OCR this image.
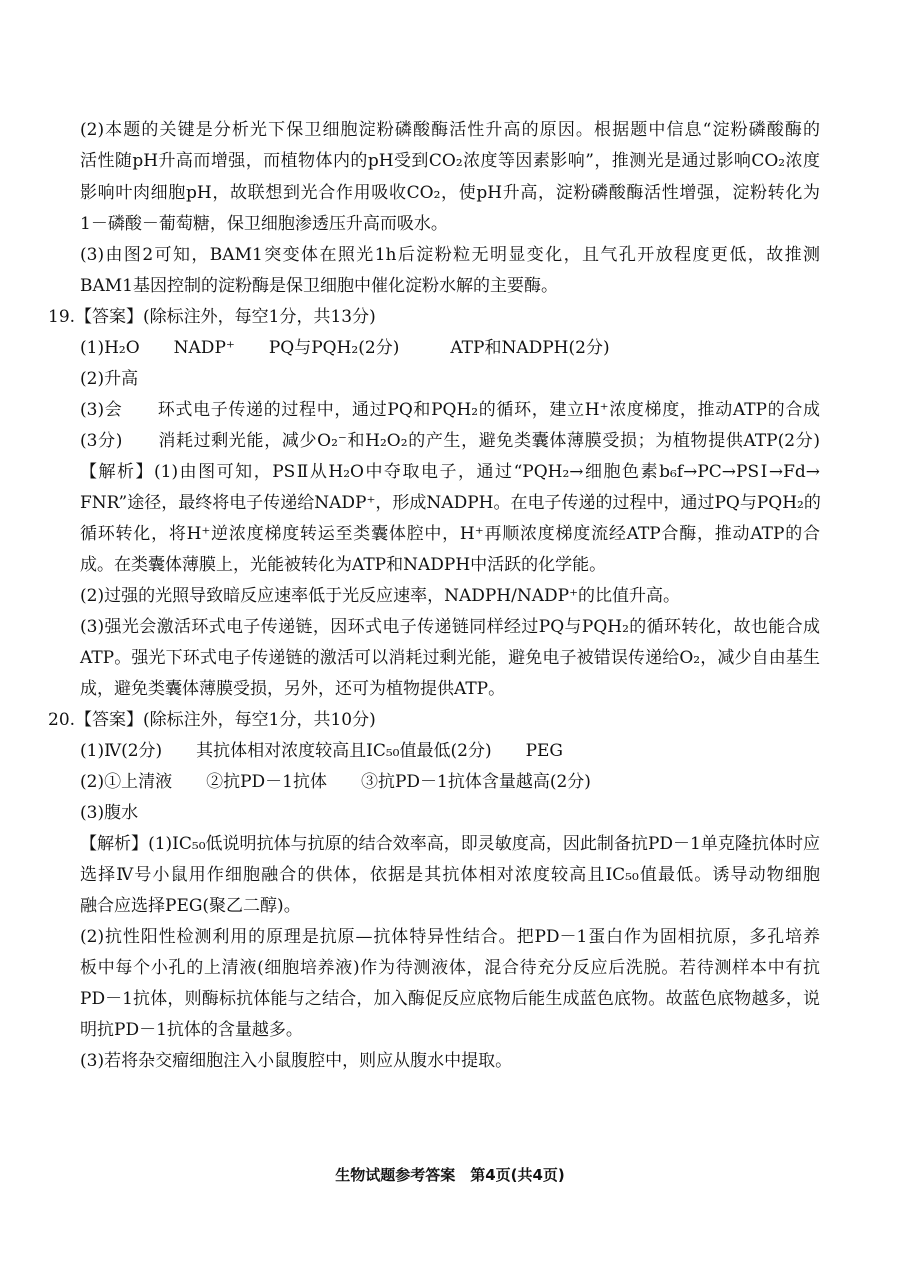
(2)本题的关键是分析光下保卫细胞淀粉磷酸酶活性升高的原因。根据题中信息“淀粉磷酸酶的
活性随pH升高而增强，而植物体内的pH受到CO₂浓度等因素影响”，推测光是通过影响CO₂浓度
影响叶肉细胞pH，故联想到光合作用吸收CO₂，使pH升高，淀粉磷酸酶活性增强，淀粉转化为
1－磷酸－葡萄糖，保卫细胞渗透压升高而吸水。
(3)由图2可知，BAM1突变体在照光1h后淀粉粒无明显变化，且气孔开放程度更低，故推测
BAM1基因控制的淀粉酶是保卫细胞中催化淀粉水解的主要酶。
19.【答案】(除标注外，每空1分，共13分)
(1)H₂O　　NADP⁺　　PQ与PQH₂(2分)　　　ATP和NADPH(2分)
(2)升高
(3)会　　环式电子传递的过程中，通过PQ和PQH₂的循环，建立H⁺浓度梯度，推动ATP的合成
(3分)　　消耗过剩光能，减少O₂⁻和H₂O₂的产生，避免类囊体薄膜受损；为植物提供ATP(2分)
【解析】(1)由图可知，PSⅡ从H₂O中夺取电子，通过“PQH₂→细胞色素b₆f→PC→PSⅠ→Fd→
FNR”途径，最终将电子传递给NADP⁺，形成NADPH。在电子传递的过程中，通过PQ与PQH₂的
循环转化，将H⁺逆浓度梯度转运至类囊体腔中，H⁺再顺浓度梯度流经ATP合酶，推动ATP的合
成。在类囊体薄膜上，光能被转化为ATP和NADPH中活跃的化学能。
(2)过强的光照导致暗反应速率低于光反应速率，NADPH/NADP⁺的比值升高。
(3)强光会激活环式电子传递链，因环式电子传递链同样经过PQ与PQH₂的循环转化，故也能合成
ATP。强光下环式电子传递链的激活可以消耗过剩光能，避免电子被错误传递给O₂，减少自由基生
成，避免类囊体薄膜受损，另外，还可为植物提供ATP。
20.【答案】(除标注外，每空1分，共10分)
(1)Ⅳ(2分)　　其抗体相对浓度较高且IC₅₀值最低(2分)　　PEG
(2)①上清液　　②抗PD－1抗体　　③抗PD－1抗体含量越高(2分)
(3)腹水
【解析】(1)IC₅₀低说明抗体与抗原的结合效率高，即灵敏度高，因此制备抗PD－1单克隆抗体时应
选择Ⅳ号小鼠用作细胞融合的供体，依据是其抗体相对浓度较高且IC₅₀值最低。诱导动物细胞
融合应选择PEG(聚乙二醇)。
(2)抗性阳性检测利用的原理是抗原—抗体特异性结合。把PD－1蛋白作为固相抗原，多孔培养
板中每个小孔的上清液(细胞培养液)作为待测液体，混合待充分反应后洗脱。若待测样本中有抗
PD－1抗体，则酶标抗体能与之结合，加入酶促反应底物后能生成蓝色底物。故蓝色底物越多，说
明抗PD－1抗体的含量越多。
(3)若将杂交瘤细胞注入小鼠腹腔中，则应从腹水中提取。
生物试题参考答案　第4页(共4页)
